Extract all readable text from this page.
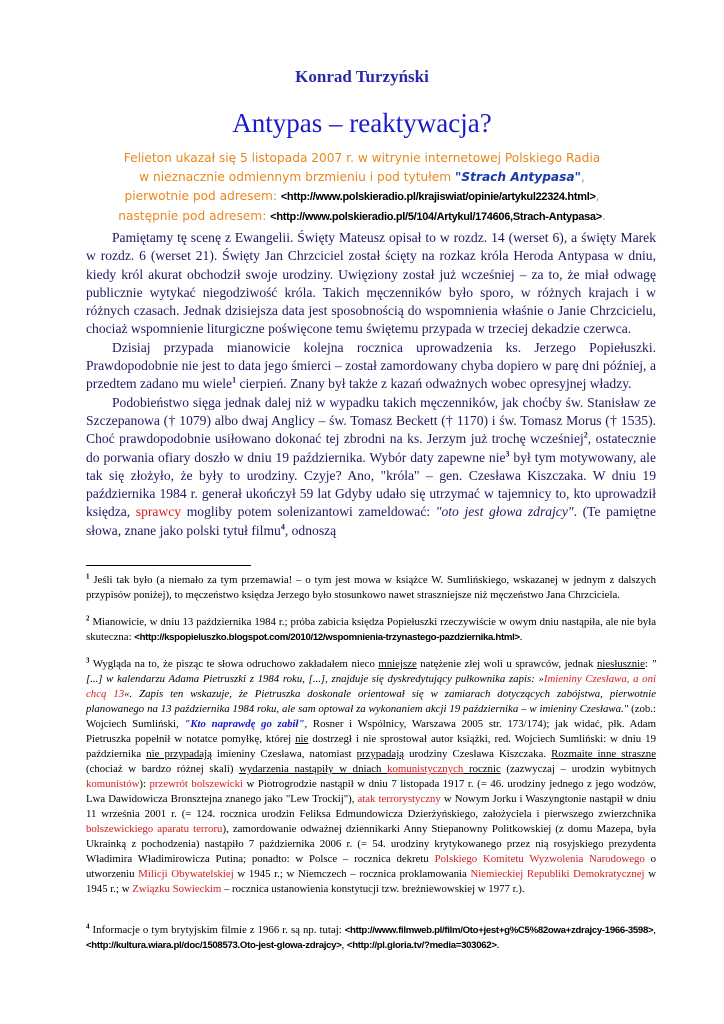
Konrad Turzyński
Antypas – reaktywacja?
Felieton ukazał się 5 listopada 2007 r. w witrynie internetowej Polskiego Radia
w nieznacznie odmiennym brzmieniu i pod tytułem "Strach Antypasa",
pierwotnie pod adresem: <http://www.polskieradio.pl/krajiswiat/opinie/artykul22324.html>,
następnie pod adresem: <http://www.polskieradio.pl/5/104/Artykul/174606,Strach-Antypasa>.

Pamiętamy tę scenę z Ewangelii. Święty Mateusz opisał to w rozdz. 14 (werset 6), a święty Marek w rozdz. 6 (werset 21). Święty Jan Chrzciciel został ścięty na rozkaz króla Heroda Antypasa w dniu, kiedy król akurat obchodził swoje urodziny. Uwięziony został już wcześniej – za to, że miał odwagę publicznie wytykać niegodziwość króla. Takich męczenników było sporo, w różnych krajach i w różnych czasach. Jednak dzisiejsza data jest sposobnością do wspomnienia właśnie o Janie Chrzcicielu, chociaż wspomnienie liturgiczne poświęcone temu świętemu przypada w trzeciej dekadzie czerwca.

Dzisiaj przypada mianowicie kolejna rocznica uprowadzenia ks. Jerzego Popiełuszki. Prawdopodobnie nie jest to data jego śmierci – został zamordowany chyba dopiero w parę dni później, a przedtem zadano mu wiele$^1$ cierpień. Znany był także z kazań odważnych wobec opresyjnej władzy.

Podobieństwo sięga jednak dalej niż w wypadku takich męczenników, jak choćby św. Stanisław ze Szczepanowa († 1079) albo dwaj Anglicy – św. Tomasz Beckett († 1170) i św. Tomasz Morus († 1535). Choć prawdopodobnie usiłowano dokonać tej zbrodni na ks. Jerzym już trochę wcześniej$^2$, ostatecznie do porwania ofiary doszło w dniu 19 października. Wybór daty zapewne nie$^3$ był tym motywowany, ale tak się złożyło, że były to urodziny. Czyje? Ano, "króla" – gen. Czesława Kiszczaka. W dniu 19 października 1984 r. generał ukończył 59 lat Gdyby udało się utrzymać w tajemnicy to, kto uprowadził księdza, sprawcy mogliby potem solenizantowi zameldować: "oto jest głowa zdrajcy". (Te pamiętne słowa, znane jako polski tytuł filmu$^4$, odnoszą

$^1$ Jeśli tak było (a niemało za tym przemawia! – o tym jest mowa w książce W. Sumlińskiego, wskazanej w jednym z dalszych przypisów poniżej), to męczeństwo księdza Jerzego było stosunkowo nawet straszniejsze niż męczeństwo Jana Chrzciciela.
$^2$ Mianowicie, w dniu 13 października 1984 r.; próba zabicia księdza Popiełuszki rzeczywiście w owym dniu nastąpiła, ale nie była skuteczna: <http://kspopieluszko.blogspot.com/2010/12/wspomnienia-trzynastego-pazdziernika.html>.
$^3$ Wygląda na to, że pisząc te słowa odruchowo zakładałem nieco mniejsze natężenie złej woli u sprawców, jednak niesłusznie: "[...] w kalendarzu Adama Pietruszki z 1984 roku, [...], znajduje się dyskredytujący pułkownika zapis: »Imieniny Czesława, a oni chcą 13«. Zapis ten wskazuje, że Pietruszka doskonale orientował się w zamiarach dotyczących zabójstwa, pierwotnie planowanego na 13 października 1984 roku, ale sam optował za wykonaniem akcji 19 października – w imieniny Czesława." (zob.: Wojciech Sumliński, "Kto naprawdę go zabił", Rosner i Wspólnicy, Warszawa 2005 str. 173/174); jak widać, płk. Adam Pietruszka popełnił w notatce pomyłkę, której nie dostrzegł i nie sprostował autor książki, red. Wojciech Sumliński: w dniu 19 października nie przypadają imieniny Czesława, natomiast przypadają urodziny Czesława Kiszczaka. Rozmaite inne straszne (chociaż w bardzo różnej skali) wydarzenia nastąpiły w dniach komunistycznych rocznic (zazwyczaj – urodzin wybitnych komunistów): przewrót bolszewicki w Piotrogrodzie nastąpił w dniu 7 listopada 1917 r. (= 46. urodziny jednego z jego wodzów, Lwa Dawidowicza Bronsztejna znanego jako "Lew Trockij"), atak terrorystyczny w Nowym Jorku i Waszyngtonie nastąpił w dniu 11 września 2001 r. (= 124. rocznica urodzin Feliksa Edmundowicza Dzierżyńskiego, założyciela i pierwszego zwierzchnika bolszewickiego aparatu terroru), zamordowanie odważnej dziennikarki Anny Stiepanowny Politkowskiej (z domu Mazepa, była Ukrainką z pochodzenia) nastąpiło 7 października 2006 r. (= 54. urodziny krytykowanego przez nią rosyjskiego prezydenta Władimira Władimirowicza Putina; ponadto: w Polsce – rocznica dekretu Polskiego Komitetu Wyzwolenia Narodowego o utworzeniu Milicji Obywatelskiej w 1945 r.; w Niemczech – rocznica proklamowania Niemieckiej Republiki Demokratycznej w 1945 r.; w Związku Sowieckim – rocznica ustanowienia konstytucji tzw. breżniewowskiej w 1977 r.).
$^4$ Informacje o tym brytyjskim filmie z 1966 r. są np. tutaj: <http://www.filmweb.pl/film/Oto+jest+g%C5%82owa+zdrajcy-1966-3598>, <http://kultura.wiara.pl/doc/1508573.Oto-jest-glowa-zdrajcy>, <http://pl.gloria.tv/?media=303062>.
